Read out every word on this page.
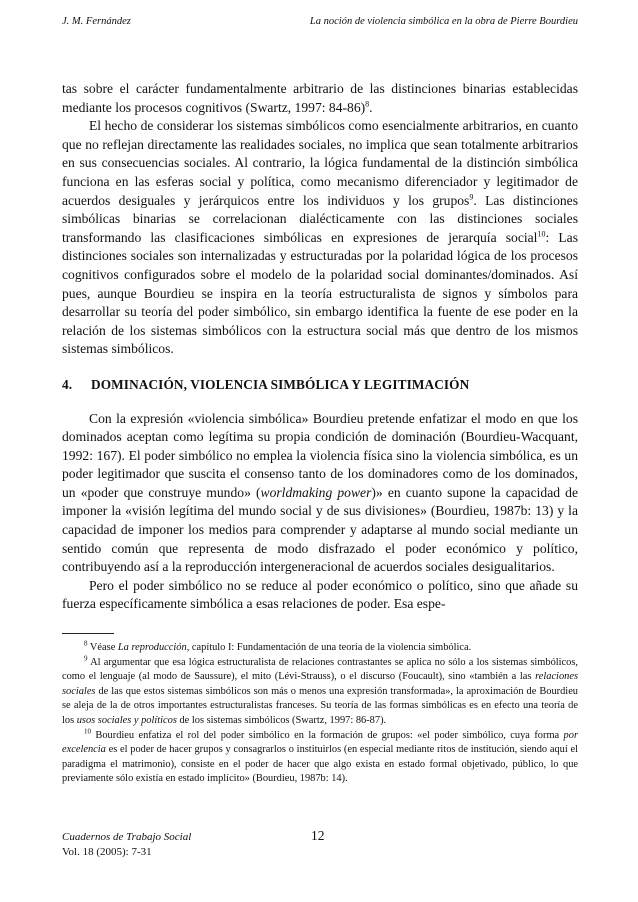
J. M. Fernández	La noción de violencia simbólica en la obra de Pierre Bourdieu

tas sobre el carácter fundamentalmente arbitrario de las distinciones binarias establecidas mediante los procesos cognitivos (Swartz, 1997: 84-86)$^8$.

El hecho de considerar los sistemas simbólicos como esencialmente arbitrarios, en cuanto que no reflejan directamente las realidades sociales, no implica que sean totalmente arbitrarios en sus consecuencias sociales. Al contrario, la lógica fundamental de la distinción simbólica funciona en las esferas social y política, como mecanismo diferenciador y legitimador de acuerdos desiguales y jerárquicos entre los individuos y los grupos$^9$. Las distinciones simbólicas binarias se correlacionan dialécticamente con las distinciones sociales transformando las clasificaciones simbólicas en expresiones de jerarquía social$^{10}$: Las distinciones sociales son internalizadas y estructuradas por la polaridad lógica de los procesos cognitivos configurados sobre el modelo de la polaridad social dominantes/dominados. Así pues, aunque Bourdieu se inspira en la teoría estructuralista de signos y símbolos para desarrollar su teoría del poder simbólico, sin embargo identifica la fuente de ese poder en la relación de los sistemas simbólicos con la estructura social más que dentro de los mismos sistemas simbólicos.

4. DOMINACIÓN, VIOLENCIA SIMBÓLICA Y LEGITIMACIÓN

Con la expresión «violencia simbólica» Bourdieu pretende enfatizar el modo en que los dominados aceptan como legítima su propia condición de dominación (Bourdieu-Wacquant, 1992: 167). El poder simbólico no emplea la violencia física sino la violencia simbólica, es un poder legitimador que suscita el consenso tanto de los dominadores como de los dominados, un «poder que construye mundo» (worldmaking power)» en cuanto supone la capacidad de imponer la «visión legítima del mundo social y de sus divisiones» (Bourdieu, 1987b: 13) y la capacidad de imponer los medios para comprender y adaptarse al mundo social mediante un sentido común que representa de modo disfrazado el poder económico y político, contribuyendo así a la reproducción intergeneracional de acuerdos sociales desigualitarios.

Pero el poder simbólico no se reduce al poder económico o político, sino que añade su fuerza específicamente simbólica a esas relaciones de poder. Esa espe-

$^8$ Véase La reproducción, capítulo I: Fundamentación de una teoría de la violencia simbólica.

$^9$ Al argumentar que esa lógica estructuralista de relaciones contrastantes se aplica no sólo a los sistemas simbólicos, como el lenguaje (al modo de Saussure), el mito (Lévi-Strauss), o el discurso (Foucault), sino «también a las relaciones sociales de las que estos sistemas simbólicos son más o menos una expresión transformada», la aproximación de Bourdieu se aleja de la de otros importantes estructuralistas franceses. Su teoría de las formas simbólicas es en efecto una teoría de los usos sociales y políticos de los sistemas simbólicos (Swartz, 1997: 86-87).

$^{10}$ Bourdieu enfatiza el rol del poder simbólico en la formación de grupos: «el poder simbólico, cuya forma por excelencia es el poder de hacer grupos y consagrarlos o instituirlos (en especial mediante ritos de institución, siendo aquí el paradigma el matrimonio), consiste en el poder de hacer que algo exista en estado formal objetivado, público, lo que previamente sólo existía en estado implícito» (Bourdieu, 1987b: 14).

Cuadernos de Trabajo Social
Vol. 18 (2005): 7-31
12
